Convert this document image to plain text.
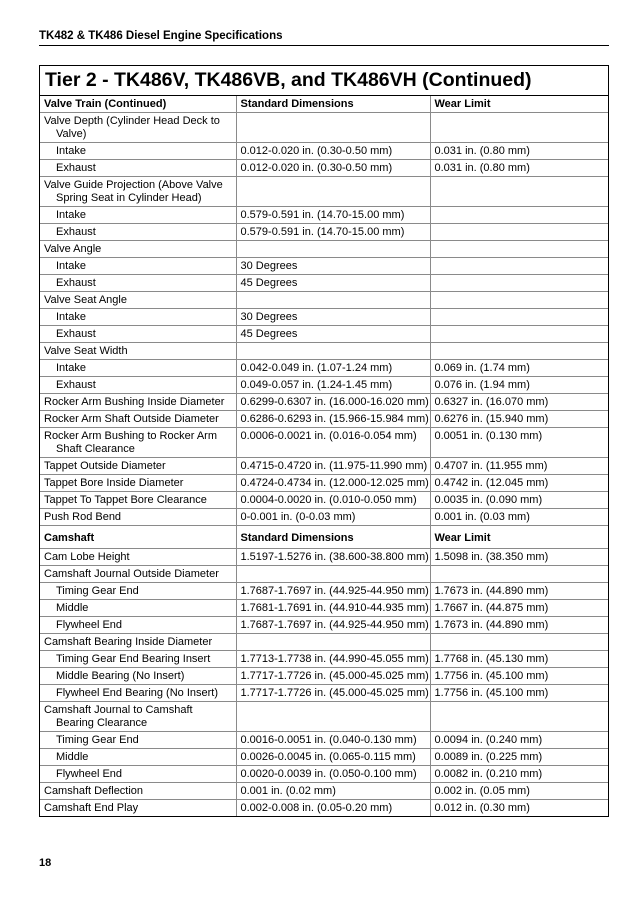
TK482 & TK486 Diesel Engine Specifications
Tier 2 - TK486V, TK486VB, and TK486VH (Continued)
Valve Train (Continued)	Standard Dimensions	Wear Limit
Valve Depth (Cylinder Head Deck to Valve)		
Intake	0.012-0.020 in. (0.30-0.50 mm)	0.031 in. (0.80 mm)
Exhaust	0.012-0.020 in. (0.30-0.50 mm)	0.031 in. (0.80 mm)
Valve Guide Projection (Above Valve Spring Seat in Cylinder Head)		
Intake	0.579-0.591 in. (14.70-15.00 mm)	
Exhaust	0.579-0.591 in. (14.70-15.00 mm)	
Valve Angle		
Intake	30 Degrees	
Exhaust	45 Degrees	
Valve Seat Angle		
Intake	30 Degrees	
Exhaust	45 Degrees	
Valve Seat Width		
Intake	0.042-0.049 in. (1.07-1.24 mm)	0.069 in. (1.74 mm)
Exhaust	0.049-0.057 in. (1.24-1.45 mm)	0.076 in. (1.94 mm)
Rocker Arm Bushing Inside Diameter	0.6299-0.6307 in. (16.000-16.020 mm)	0.6327 in. (16.070 mm)
Rocker Arm Shaft Outside Diameter	0.6286-0.6293 in. (15.966-15.984 mm)	0.6276 in. (15.940 mm)
Rocker Arm Bushing to Rocker Arm Shaft Clearance	0.0006-0.0021 in. (0.016-0.054 mm)	0.0051 in. (0.130 mm)
Tappet Outside Diameter	0.4715-0.4720 in. (11.975-11.990 mm)	0.4707 in. (11.955 mm)
Tappet Bore Inside Diameter	0.4724-0.4734 in. (12.000-12.025 mm)	0.4742 in. (12.045 mm)
Tappet To Tappet Bore Clearance	0.0004-0.0020 in. (0.010-0.050 mm)	0.0035 in. (0.090 mm)
Push Rod Bend	0-0.001 in. (0-0.03 mm)	0.001 in. (0.03 mm)
Camshaft	Standard Dimensions	Wear Limit
Cam Lobe Height	1.5197-1.5276 in. (38.600-38.800 mm)	1.5098 in. (38.350 mm)
Camshaft Journal Outside Diameter		
Timing Gear End	1.7687-1.7697 in. (44.925-44.950 mm)	1.7673 in. (44.890 mm)
Middle	1.7681-1.7691 in. (44.910-44.935 mm)	1.7667 in. (44.875 mm)
Flywheel End	1.7687-1.7697 in. (44.925-44.950 mm)	1.7673 in. (44.890 mm)
Camshaft Bearing Inside Diameter		
Timing Gear End Bearing Insert	1.7713-1.7738 in. (44.990-45.055 mm)	1.7768 in. (45.130 mm)
Middle Bearing (No Insert)	1.7717-1.7726 in. (45.000-45.025 mm)	1.7756 in. (45.100 mm)
Flywheel End Bearing (No Insert)	1.7717-1.7726 in. (45.000-45.025 mm)	1.7756 in. (45.100 mm)
Camshaft Journal to Camshaft Bearing Clearance		
Timing Gear End	0.0016-0.0051 in. (0.040-0.130 mm)	0.0094 in. (0.240 mm)
Middle	0.0026-0.0045 in. (0.065-0.115 mm)	0.0089 in. (0.225 mm)
Flywheel End	0.0020-0.0039 in. (0.050-0.100 mm)	0.0082 in. (0.210 mm)
Camshaft Deflection	0.001 in. (0.02 mm)	0.002 in. (0.05 mm)
Camshaft End Play	0.002-0.008 in. (0.05-0.20 mm)	0.012 in. (0.30 mm)
18
